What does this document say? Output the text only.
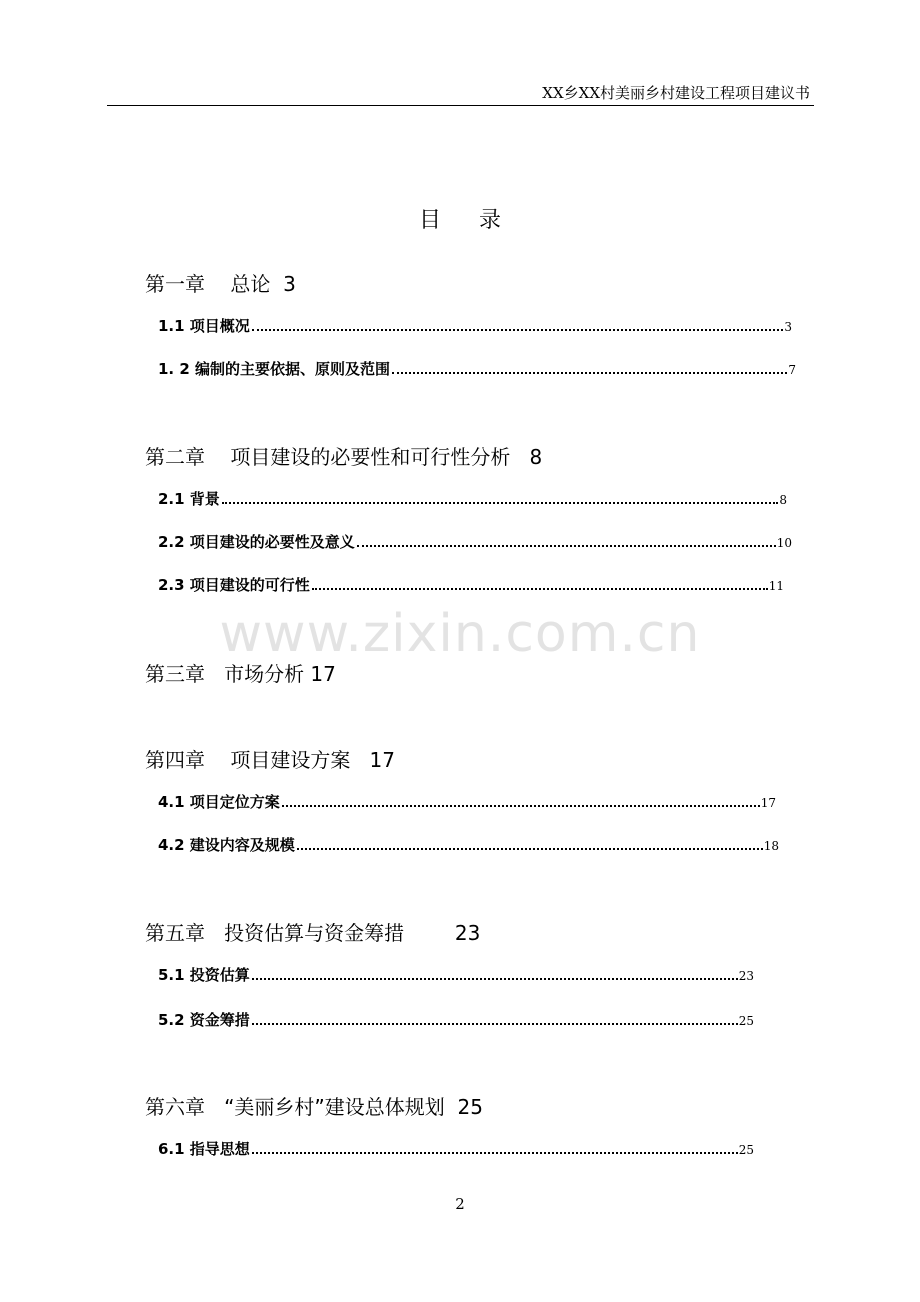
XX乡XX村美丽乡村建设工程项目建议书
目录
www.zixin.com.cn
第一章    总论  3
1.1 项目概况	3
1. 2 编制的主要依据、原则及范围	7
第二章    项目建设的必要性和可行性分析   8
2.1 背景	8
2.2 项目建设的必要性及意义	10
2.3 项目建设的可行性	11
第三章   市场分析 17
第四章    项目建设方案   17
4.1 项目定位方案	17
4.2 建设内容及规模	18
第五章   投资估算与资金筹措        23
5.1 投资估算	23
5.2 资金筹措	25
第六章   “美丽乡村”建设总体规划  25
6.1 指导思想	25
2
